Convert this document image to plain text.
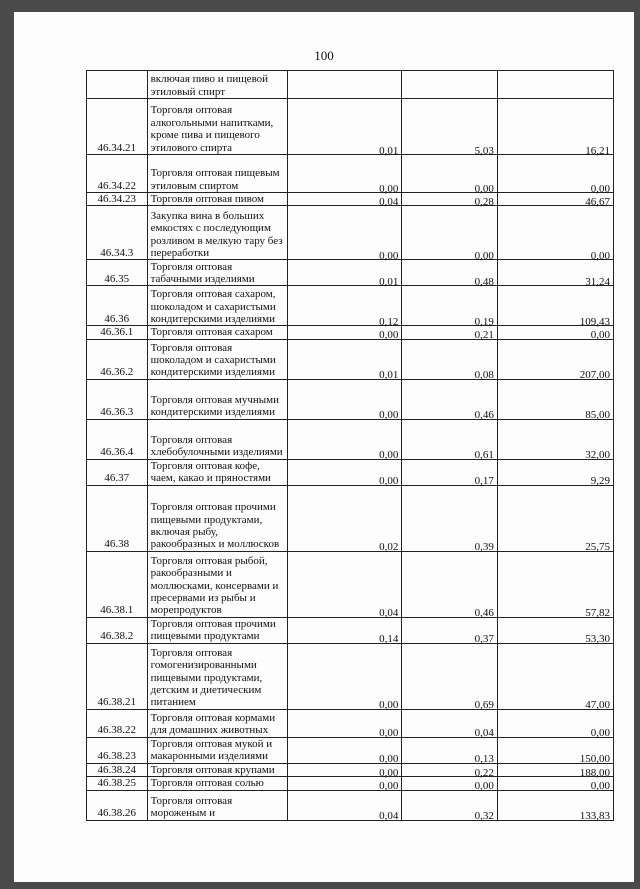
100

	включая пиво и пищевой этиловый спирт			

46.34.21	Торговля оптовая алкогольными напитками, кроме пива и пищевого этилового спирта	0,01	5,03	16,21
46.34.22	Торговля оптовая пищевым этиловым спиртом	0,00	0,00	0,00
46.34.23	Торговля оптовая пивом	0,04	0,28	46,67
46.34.3	Закупка вина в больших емкостях с последующим розливом в мелкую тару без переработки	0,00	0,00	0,00
46.35	Торговля оптовая табачными изделиями	0,01	0,48	31,24
46.36	Торговля оптовая сахаром, шоколадом и сахаристыми кондитерскими изделиями	0,12	0,19	109,43
46.36.1	Торговля оптовая сахаром	0,00	0,21	0,00
46.36.2	Торговля оптовая шоколадом и сахаристыми кондитерскими изделиями	0,01	0,08	207,00
46.36.3	Торговля оптовая мучными кондитерскими изделиями	0,00	0,46	85,00
46.36.4	Торговля оптовая хлебобулочными изделиями	0,00	0,61	32,00
46.37	Торговля оптовая кофе, чаем, какао и пряностями	0,00	0,17	9,29
46.38	Торговля оптовая прочими пищевыми продуктами, включая рыбу, ракообразных и моллюсков	0,02	0,39	25,75
46.38.1	Торговля оптовая рыбой, ракообразными и моллюсками, консервами и пресервами из рыбы и морепродуктов	0,04	0,46	57,82
46.38.2	Торговля оптовая прочими пищевыми продуктами	0,14	0,37	53,30
46.38.21	Торговля оптовая гомогенизированными пищевыми продуктами, детским и диетическим питанием	0,00	0,69	47,00
46.38.22	Торговля оптовая кормами для домашних животных	0,00	0,04	0,00
46.38.23	Торговля оптовая мукой и макаронными изделиями	0,00	0,13	150,00
46.38.24	Торговля оптовая крупами	0,00	0,22	188,00
46.38.25	Торговля оптовая солью	0,00	0,00	0,00
46.38.26	Торговля оптовая мороженым и	0,04	0,32	133,83
